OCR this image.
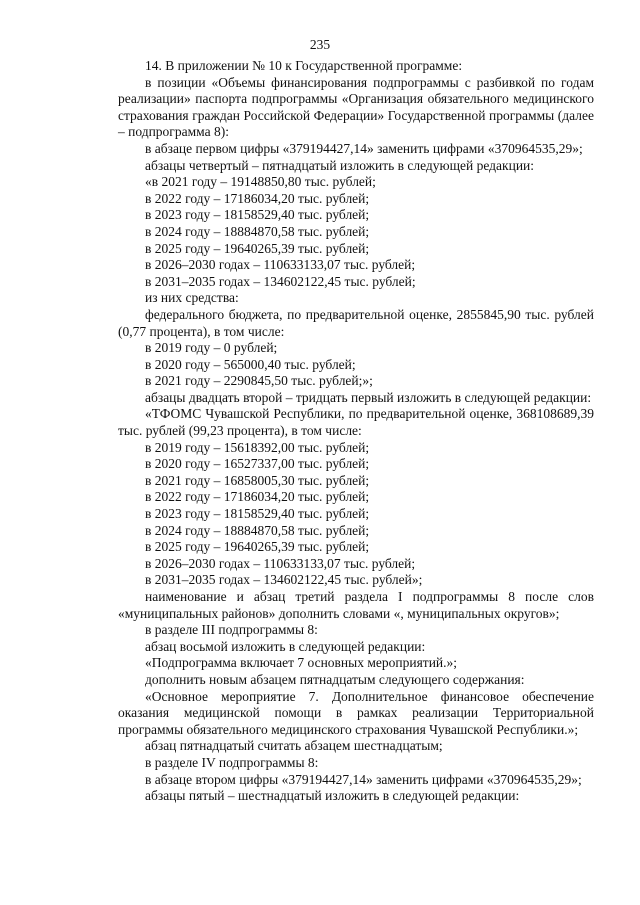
235

14. В приложении № 10 к Государственной программе:

в позиции «Объемы финансирования подпрограммы с разбивкой по годам реализации» паспорта подпрограммы «Организация обязательного медицинского страхования граждан Российской Федерации» Государственной программы (далее – подпрограмма 8):

в абзаце первом цифры «379194427,14» заменить цифрами «370964535,29»;

абзацы четвертый – пятнадцатый изложить в следующей редакции:

«в 2021 году – 19148850,80 тыс. рублей;

в 2022 году – 17186034,20 тыс. рублей;

в 2023 году – 18158529,40 тыс. рублей;

в 2024 году – 18884870,58 тыс. рублей;

в 2025 году – 19640265,39 тыс. рублей;

в 2026–2030 годах – 110633133,07 тыс. рублей;

в 2031–2035 годах – 134602122,45 тыс. рублей;

из них средства:

федерального бюджета, по предварительной оценке, 2855845,90 тыс. рублей (0,77 процента), в том числе:

в 2019 году – 0 рублей;

в 2020 году – 565000,40 тыс. рублей;

в 2021 году – 2290845,50 тыс. рублей;»;

абзацы двадцать второй – тридцать первый изложить в следующей редакции:

«ТФОМС Чувашской Республики, по предварительной оценке, 368108689,39 тыс. рублей (99,23 процента), в том числе:

в 2019 году – 15618392,00 тыс. рублей;

в 2020 году – 16527337,00 тыс. рублей;

в 2021 году – 16858005,30 тыс. рублей;

в 2022 году – 17186034,20 тыс. рублей;

в 2023 году – 18158529,40 тыс. рублей;

в 2024 году – 18884870,58 тыс. рублей;

в 2025 году – 19640265,39 тыс. рублей;

в 2026–2030 годах – 110633133,07 тыс. рублей;

в 2031–2035 годах – 134602122,45 тыс. рублей»;

наименование и абзац третий раздела I подпрограммы 8 после слов «муниципальных районов» дополнить словами «, муниципальных округов»;

в разделе III подпрограммы 8:

абзац восьмой изложить в следующей редакции:

«Подпрограмма включает 7 основных мероприятий.»;

дополнить новым абзацем пятнадцатым следующего содержания:

«Основное мероприятие 7. Дополнительное финансовое обеспечение оказания медицинской помощи в рамках реализации Территориальной программы обязательного медицинского страхования Чувашской Республики.»;

абзац пятнадцатый считать абзацем шестнадцатым;

в разделе IV подпрограммы 8:

в абзаце втором цифры «379194427,14» заменить цифрами «370964535,29»;

абзацы пятый – шестнадцатый изложить в следующей редакции:
